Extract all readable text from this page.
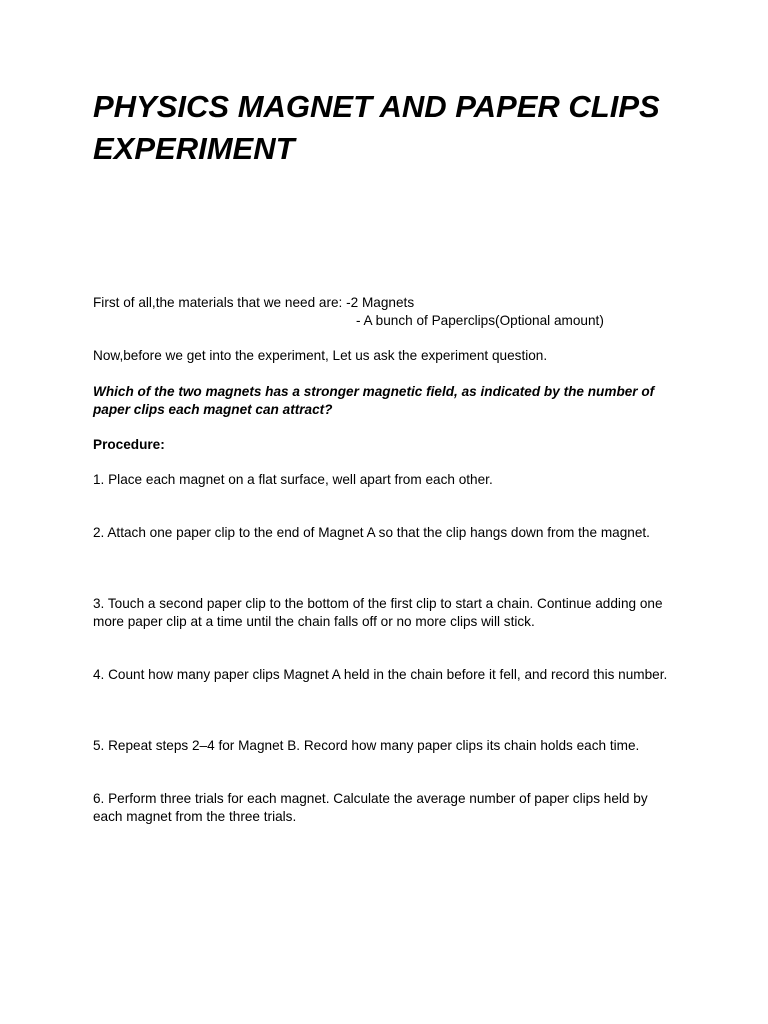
PHYSICS MAGNET AND PAPER CLIPS EXPERIMENT

First of all,the materials that we need are: -2 Magnets

- A bunch of Paperclips(Optional amount)

Now,before we get into the experiment, Let us ask the experiment question.

Which of the two magnets has a stronger magnetic field, as indicated by the number of paper clips each magnet can attract?

Procedure:

1. Place each magnet on a flat surface, well apart from each other.

2. Attach one paper clip to the end of Magnet A so that the clip hangs down from the magnet.

3. Touch a second paper clip to the bottom of the first clip to start a chain. Continue adding one more paper clip at a time until the chain falls off or no more clips will stick.

4. Count how many paper clips Magnet A held in the chain before it fell, and record this number.

5. Repeat steps 2–4 for Magnet B. Record how many paper clips its chain holds each time.

6. Perform three trials for each magnet. Calculate the average number of paper clips held by each magnet from the three trials.
